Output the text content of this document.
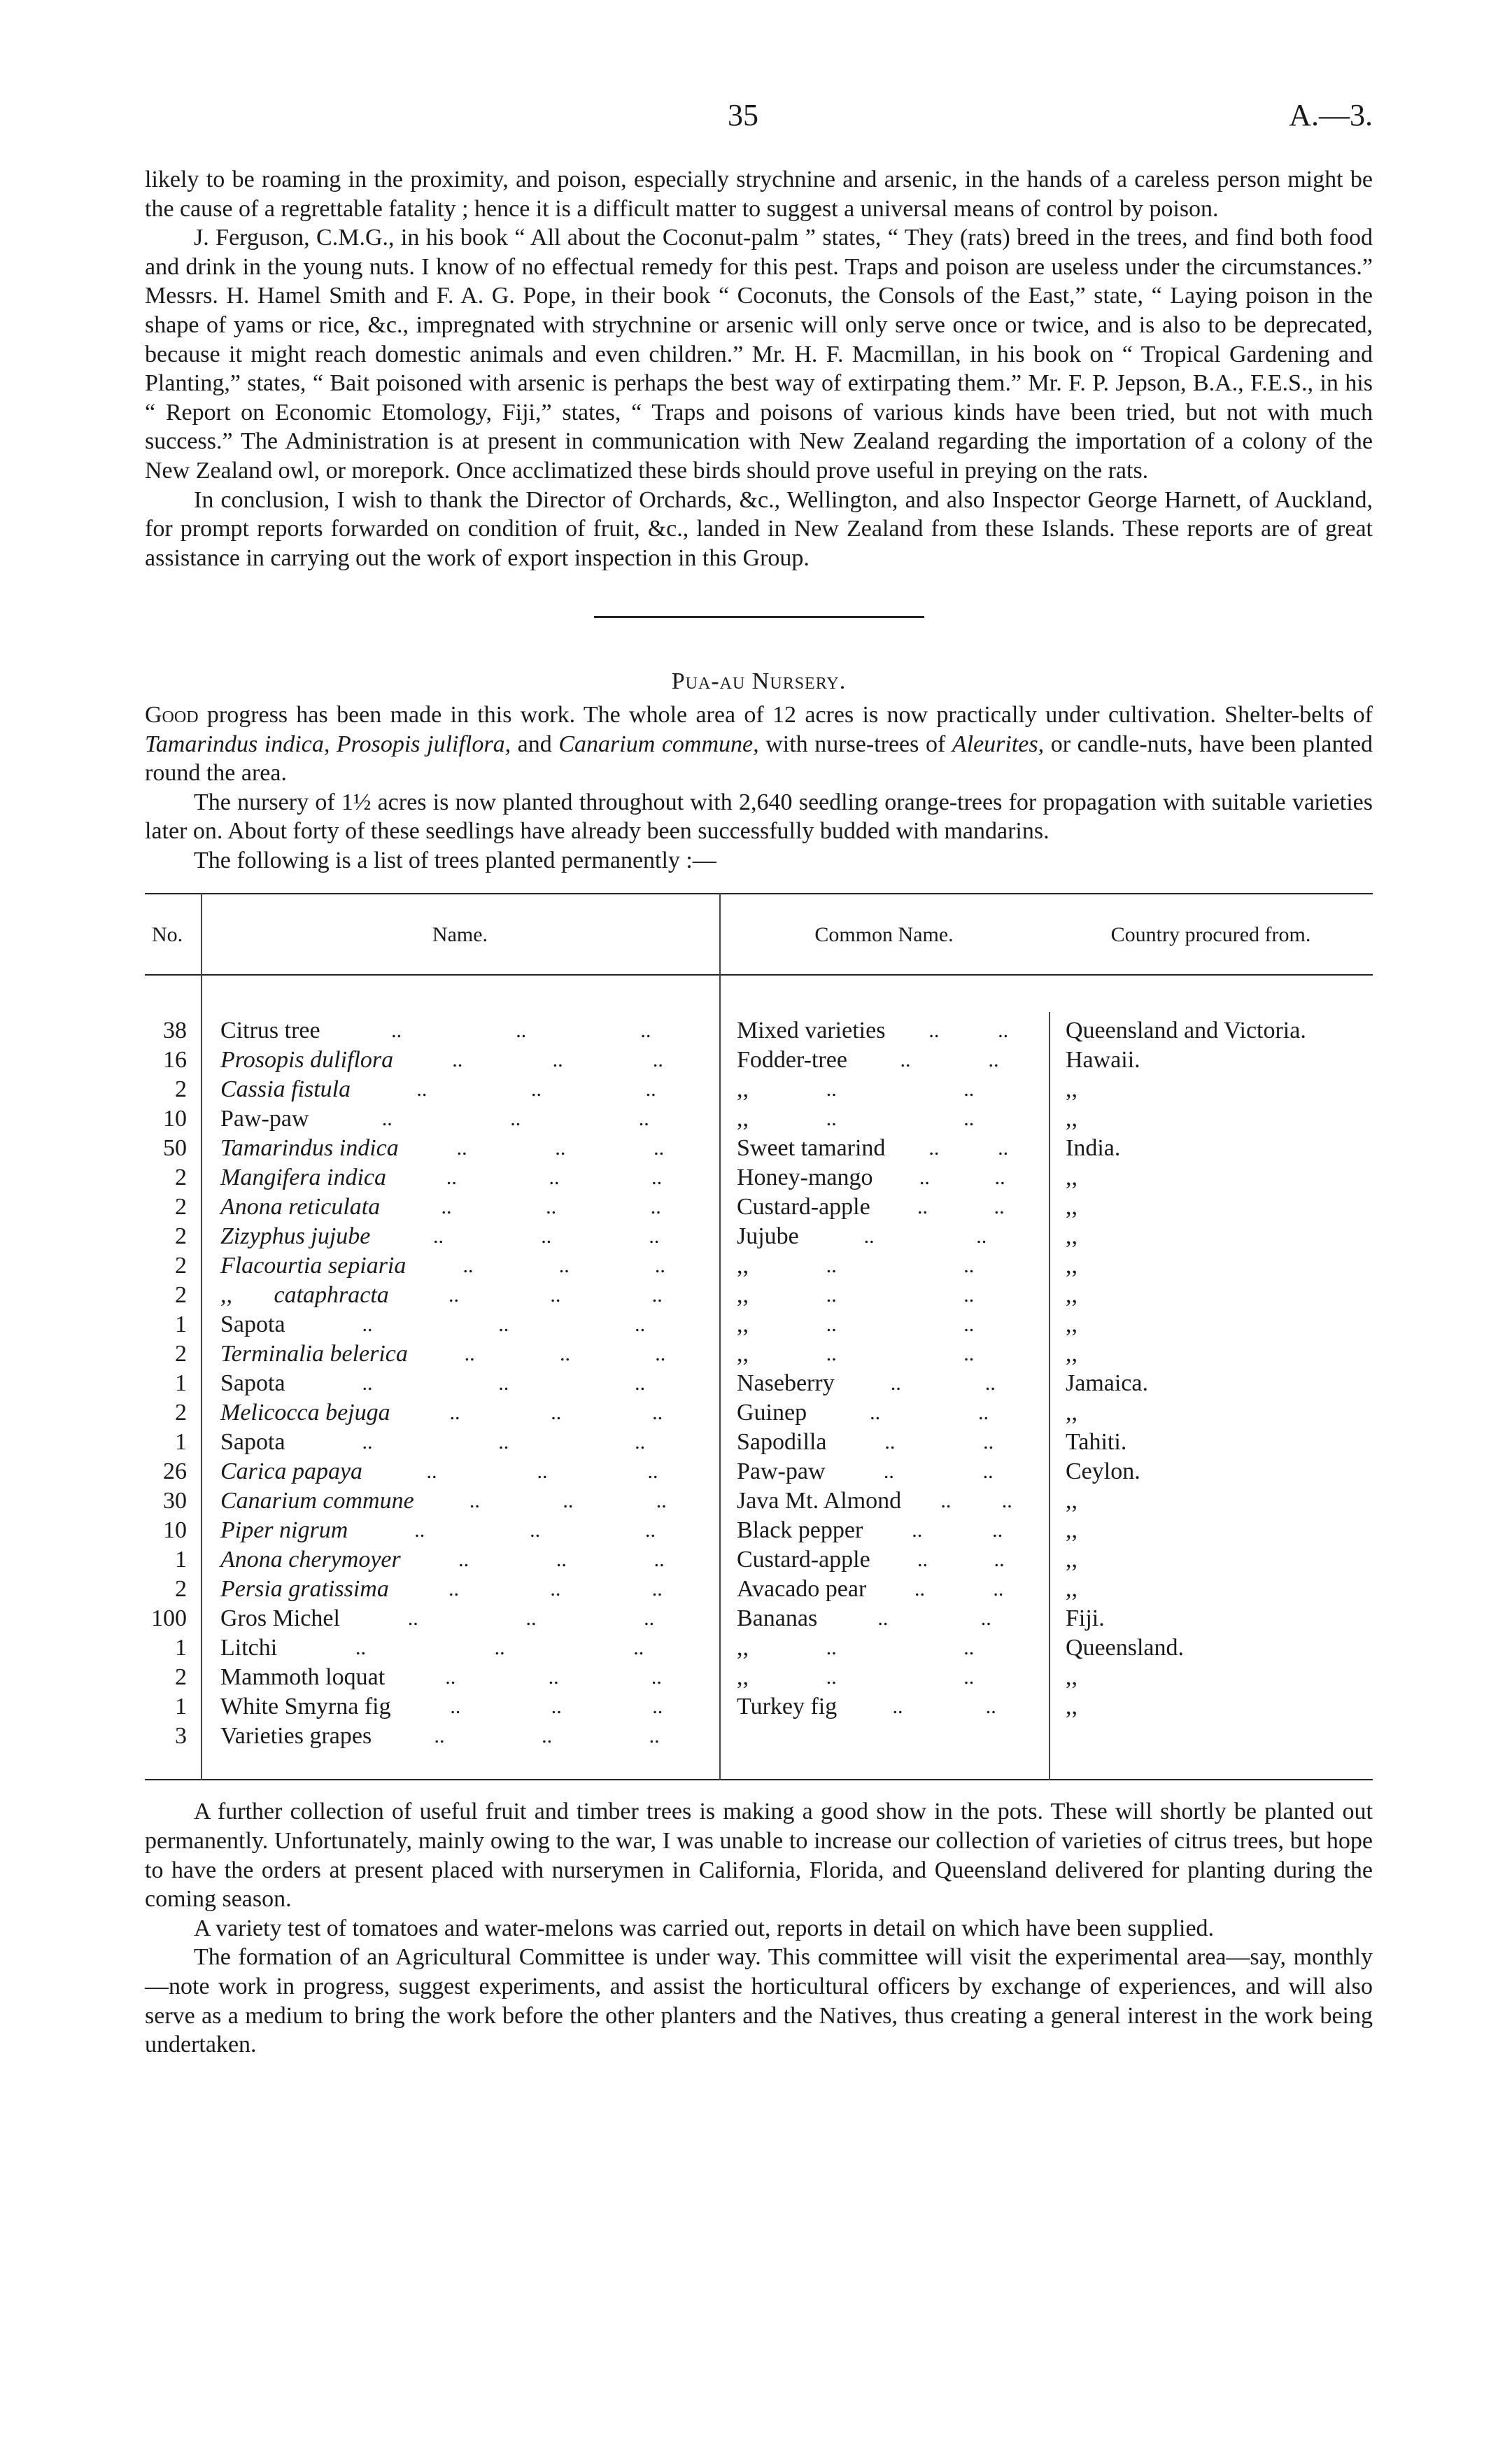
35	A.—3.

likely to be roaming in the proximity, and poison, especially strychnine and arsenic, in the hands of a careless person might be the cause of a regrettable fatality ; hence it is a difficult matter to suggest a universal means of control by poison.

J. Ferguson, C.M.G., in his book “ All about the Coconut-palm ” states, “ They (rats) breed in the trees, and find both food and drink in the young nuts. I know of no effectual remedy for this pest. Traps and poison are useless under the circumstances.” Messrs. H. Hamel Smith and F. A. G. Pope, in their book “ Coconuts, the Consols of the East,” state, “ Laying poison in the shape of yams or rice, &c., impregnated with strychnine or arsenic will only serve once or twice, and is also to be deprecated, because it might reach domestic animals and even children.” Mr. H. F. Macmillan, in his book on “ Tropical Gardening and Planting,” states, “ Bait poisoned with arsenic is perhaps the best way of extirpating them.” Mr. F. P. Jepson, B.A., F.E.S., in his “ Report on Economic Etomology, Fiji,” states, “ Traps and poisons of various kinds have been tried, but not with much success.” The Administration is at present in communication with New Zealand regarding the importation of a colony of the New Zealand owl, or morepork. Once acclimatized these birds should prove useful in preying on the rats.

In conclusion, I wish to thank the Director of Orchards, &c., Wellington, and also Inspector George Harnett, of Auckland, for prompt reports forwarded on condition of fruit, &c., landed in New Zealand from these Islands. These reports are of great assistance in carrying out the work of export inspection in this Group.

Pua-au Nursery.

Good progress has been made in this work. The whole area of 12 acres is now practically under cultivation. Shelter-belts of Tamarindus indica, Prosopis juliflora, and Canarium commune, with nurse-trees of Aleurites, or candle-nuts, have been planted round the area.

The nursery of 1½ acres is now planted throughout with 2,640 seedling orange-trees for propagation with suitable varieties later on. About forty of these seedlings have already been successfully budded with mandarins.

The following is a list of trees planted permanently :—

No.	Name.	Common Name.	Country procured from.
38	Citrus tree	..	..	..	Mixed varieties ..	..	Queensland and Victoria.
16	Prosopis duliflora	..	..	..	Fodder-tree	..	..	Hawaii.
2	Cassia fistula	..	..	..	,,	..	..	,,
10	Paw-paw	..	..	..	,,	..	..	,,
50	Tamarindus indica	..	..	..	Sweet tamarind ..	..	India.
2	Mangifera indica	..	..	..	Honey-mango ..	..	,,
2	Anona reticulata	..	..	..	Custard-apple ..	..	,,
2	Zizyphus jujube	..	..	..	Jujube	..	..	,,
2	Flacourtia sepiaria	..	..	..	,,	..	..	,,
2	,,       cataphracta	..	..	..	,,	..	..	,,
1	Sapota	..	..	..	,,	..	..	,,
2	Terminalia belerica	..	..	..	,,	..	..	,,
1	Sapota	..	..	..	Naseberry	..	..	Jamaica.
2	Melicocca bejuga	..	..	..	Guinep	..	..	,,
1	Sapota	..	..	..	Sapodilla	..	..	Tahiti.
26	Carica papaya	..	..	..	Paw-paw	..	..	Ceylon.
30	Canarium commune	..	..	..	Java Mt. Almond .. ..	,,
10	Piper nigrum	..	..	..	Black pepper ..	..	,,
1	Anona cherymoyer	..	..	..	Custard-apple ..	..	,,
2	Persia gratissima	..	..	..	Avacado pear ..	..	,,
100	Gros Michel	..	..	..	Bananas	..	..	Fiji.
1	Litchi	..	..	..	,,	..	..	Queensland.
2	Mammoth loquat	..	..	..	,,	..	..	,,
1	White Smyrna fig	..	..	..	Turkey fig	..	..	,,
3	Varieties grapes	..	..	..

A further collection of useful fruit and timber trees is making a good show in the pots. These will shortly be planted out permanently. Unfortunately, mainly owing to the war, I was unable to increase our collection of varieties of citrus trees, but hope to have the orders at present placed with nurserymen in California, Florida, and Queensland delivered for planting during the coming season.

A variety test of tomatoes and water-melons was carried out, reports in detail on which have been supplied.

The formation of an Agricultural Committee is under way. This committee will visit the experimental area—say, monthly—note work in progress, suggest experiments, and assist the horticultural officers by exchange of experiences, and will also serve as a medium to bring the work before the other planters and the Natives, thus creating a general interest in the work being undertaken.
